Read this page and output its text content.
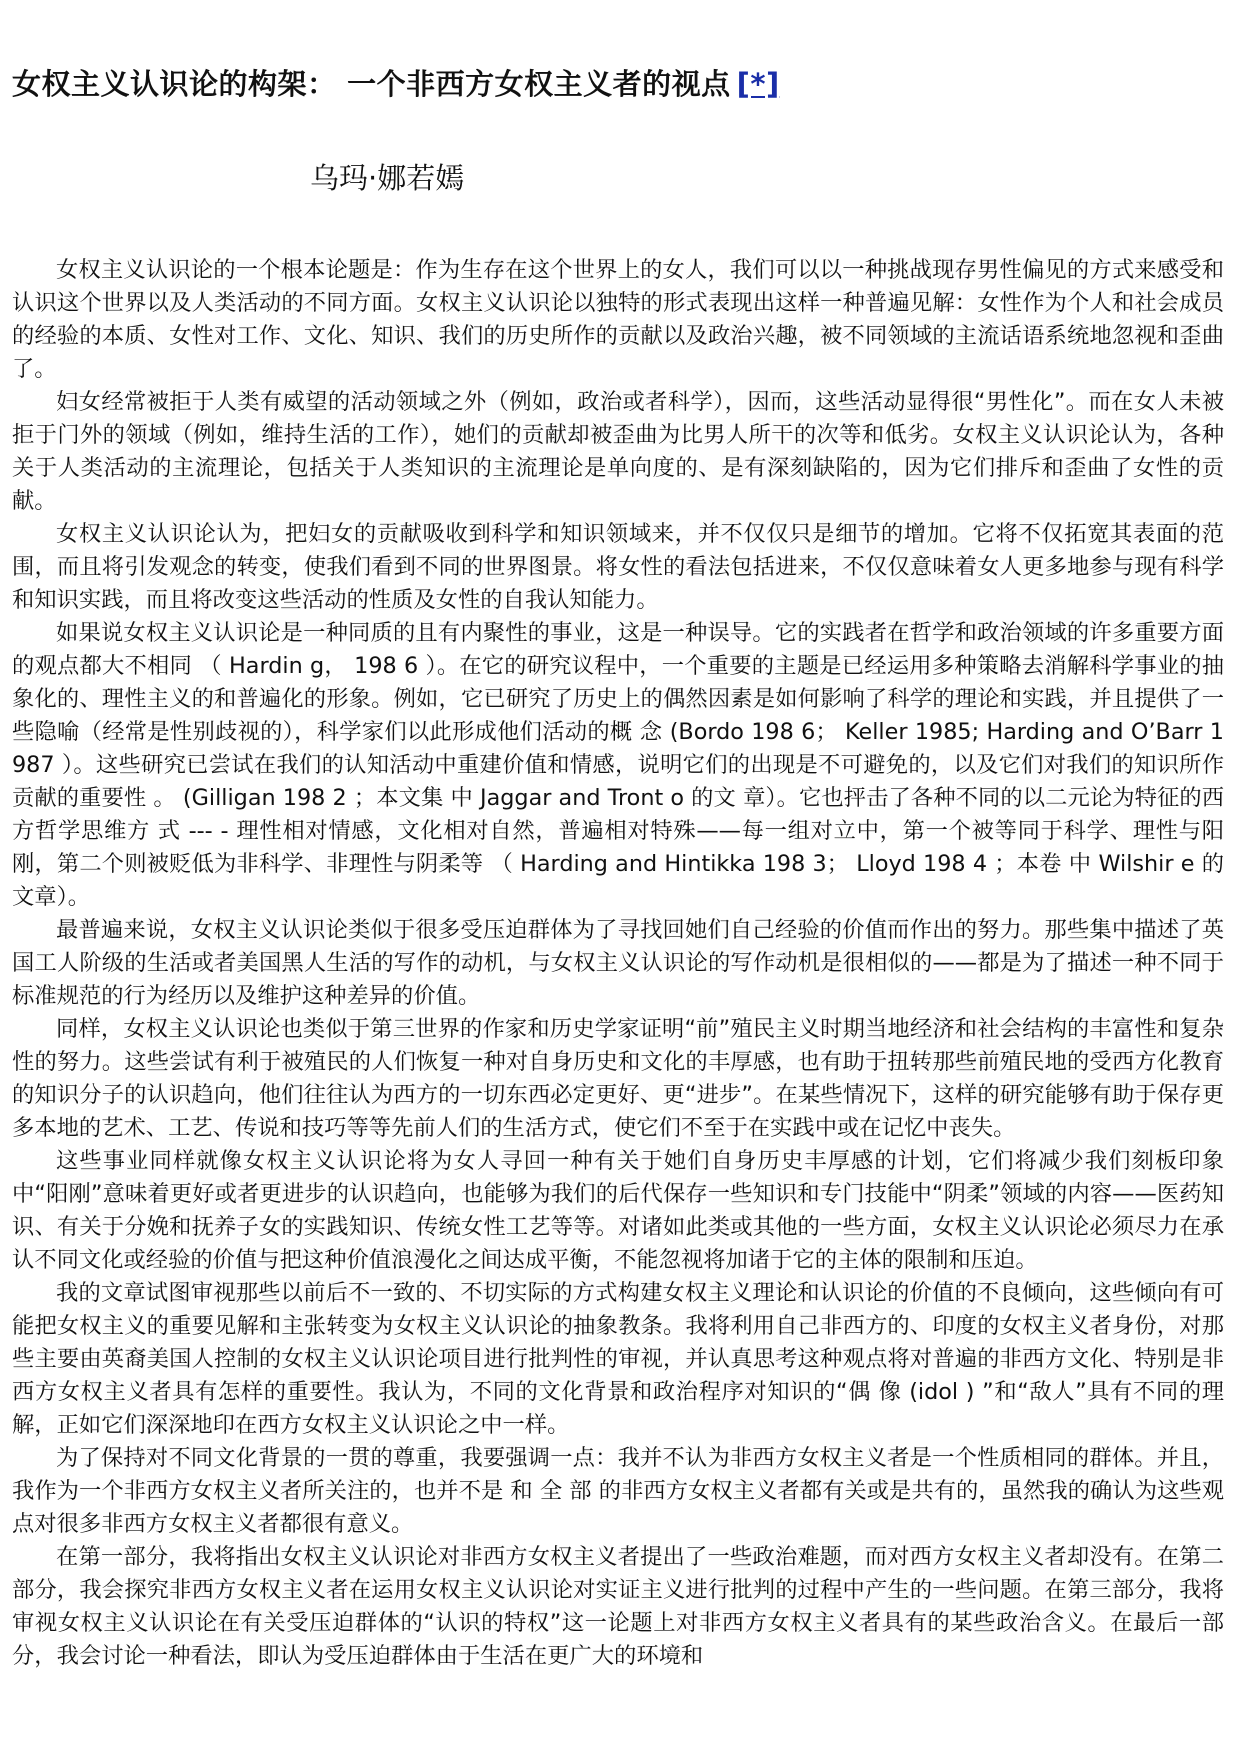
女权主义认识论的构架： 一个非西方女权主义者的视点 [*]
乌玛·娜若嫣

女权主义认识论的一个根本论题是：作为生存在这个世界上的女人，我们可以以一种挑战现存男性偏见的方式来感受和认识这个世界以及人类活动的不同方面。女权主义认识论以独特的形式表现出这样一种普遍见解：女性作为个人和社会成员的经验的本质、女性对工作、文化、知识、我们的历史所作的贡献以及政治兴趣，被不同领域的主流话语系统地忽视和歪曲了。

妇女经常被拒于人类有威望的活动领域之外（例如，政治或者科学），因而，这些活动显得很“男性化”。而在女人未被拒于门外的领域（例如，维持生活的工作），她们的贡献却被歪曲为比男人所干的次等和低劣。女权主义认识论认为，各种关于人类活动的主流理论，包括关于人类知识的主流理论是单向度的、是有深刻缺陷的，因为它们排斥和歪曲了女性的贡献。

女权主义认识论认为，把妇女的贡献吸收到科学和知识领域来，并不仅仅只是细节的增加。它将不仅拓宽其表面的范围，而且将引发观念的转变，使我们看到不同的世界图景。将女性的看法包括进来，不仅仅意味着女人更多地参与现有科学和知识实践，而且将改变这些活动的性质及女性的自我认知能力。

如果说女权主义认识论是一种同质的且有内聚性的事业，这是一种误导。它的实践者在哲学和政治领域的许多重要方面的观点都大不相同 （ Hardin g， 198 6 ）。在它的研究议程中，一个重要的主题是已经运用多种策略去消解科学事业的抽象化的、理性主义的和普遍化的形象。例如，它已研究了历史上的偶然因素是如何影响了科学的理论和实践，并且提供了一些隐喻（经常是性别歧视的），科学家们以此形成他们活动的概 念 (Bordo 198 6； Keller 1985; Harding and O’Barr 1987 ）。这些研究已尝试在我们的认知活动中重建价值和情感，说明它们的出现是不可避免的，以及它们对我们的知识所作贡献的重要性 。 (Gilligan 198 2 ；本文集 中 Jaggar and Tront o 的文 章）。它也抨击了各种不同的以二元论为特征的西方哲学思维方 式 --- - 理性相对情感，文化相对自然，普遍相对特殊——每一组对立中，第一个被等同于科学、理性与阳刚，第二个则被贬低为非科学、非理性与阴柔等 （ Harding and Hintikka 198 3； Lloyd 198 4 ；本卷 中 Wilshir e 的文章）。

最普遍来说，女权主义认识论类似于很多受压迫群体为了寻找回她们自己经验的价值而作出的努力。那些集中描述了英国工人阶级的生活或者美国黑人生活的写作的动机，与女权主义认识论的写作动机是很相似的——都是为了描述一种不同于标准规范的行为经历以及维护这种差异的价值。

同样，女权主义认识论也类似于第三世界的作家和历史学家证明“前”殖民主义时期当地经济和社会结构的丰富性和复杂性的努力。这些尝试有利于被殖民的人们恢复一种对自身历史和文化的丰厚感，也有助于扭转那些前殖民地的受西方化教育的知识分子的认识趋向，他们往往认为西方的一切东西必定更好、更“进步”。在某些情况下，这样的研究能够有助于保存更多本地的艺术、工艺、传说和技巧等等先前人们的生活方式，使它们不至于在实践中或在记忆中丧失。

这些事业同样就像女权主义认识论将为女人寻回一种有关于她们自身历史丰厚感的计划，它们将减少我们刻板印象中“阳刚”意味着更好或者更进步的认识趋向，也能够为我们的后代保存一些知识和专门技能中“阴柔”领域的内容——医药知识、有关于分娩和抚养子女的实践知识、传统女性工艺等等。对诸如此类或其他的一些方面，女权主义认识论必须尽力在承认不同文化或经验的价值与把这种价值浪漫化之间达成平衡，不能忽视将加诸于它的主体的限制和压迫。

我的文章试图审视那些以前后不一致的、不切实际的方式构建女权主义理论和认识论的价值的不良倾向，这些倾向有可能把女权主义的重要见解和主张转变为女权主义认识论的抽象教条。我将利用自己非西方的、印度的女权主义者身份，对那些主要由英裔美国人控制的女权主义认识论项目进行批判性的审视，并认真思考这种观点将对普遍的非西方文化、特别是非西方女权主义者具有怎样的重要性。我认为，不同的文化背景和政治程序对知识的“偶 像 (idol ) ”和“敌人”具有不同的理解，正如它们深深地印在西方女权主义认识论之中一样。

为了保持对不同文化背景的一贯的尊重，我要强调一点：我并不认为非西方女权主义者是一个性质相同的群体。并且，我作为一个非西方女权主义者所关注的，也并不是 和 全 部 的非西方女权主义者都有关或是共有的，虽然我的确认为这些观点对很多非西方女权主义者都很有意义。

在第一部分，我将指出女权主义认识论对非西方女权主义者提出了一些政治难题，而对西方女权主义者却没有。在第二部分，我会探究非西方女权主义者在运用女权主义认识论对实证主义进行批判的过程中产生的一些问题。在第三部分，我将审视女权主义认识论在有关受压迫群体的“认识的特权”这一论题上对非西方女权主义者具有的某些政治含义。在最后一部分，我会讨论一种看法，即认为受压迫群体由于生活在更广大的环境和
